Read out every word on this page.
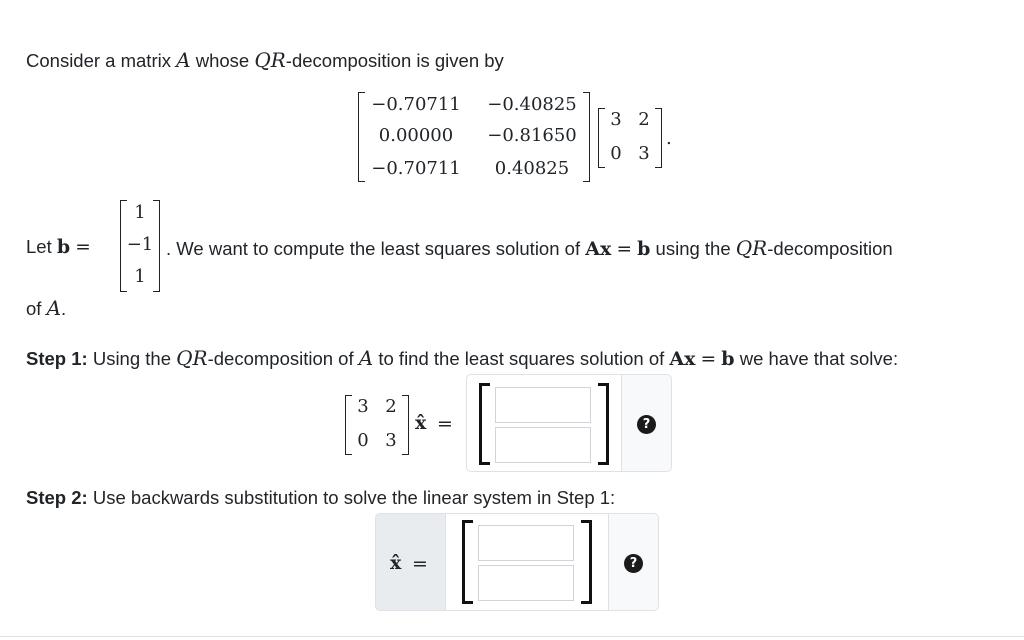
Consider a matrix A whose QR-decomposition is given by
−0.70711 −0.40825
0.00000	−0.81650
−0.70711	0.40825
3 2
0 3
.
Let b =
1
−1
1
. We want to compute the least squares solution of Ax = b using the QR-decomposition
of A.
Step 1: Using the QR-decomposition of A to find the least squares solution of Ax = b we have that solve:
3 2
0 3
x̂ =	?
Step 2: Use backwards substitution to solve the linear system in Step 1:
x̂ =	?
